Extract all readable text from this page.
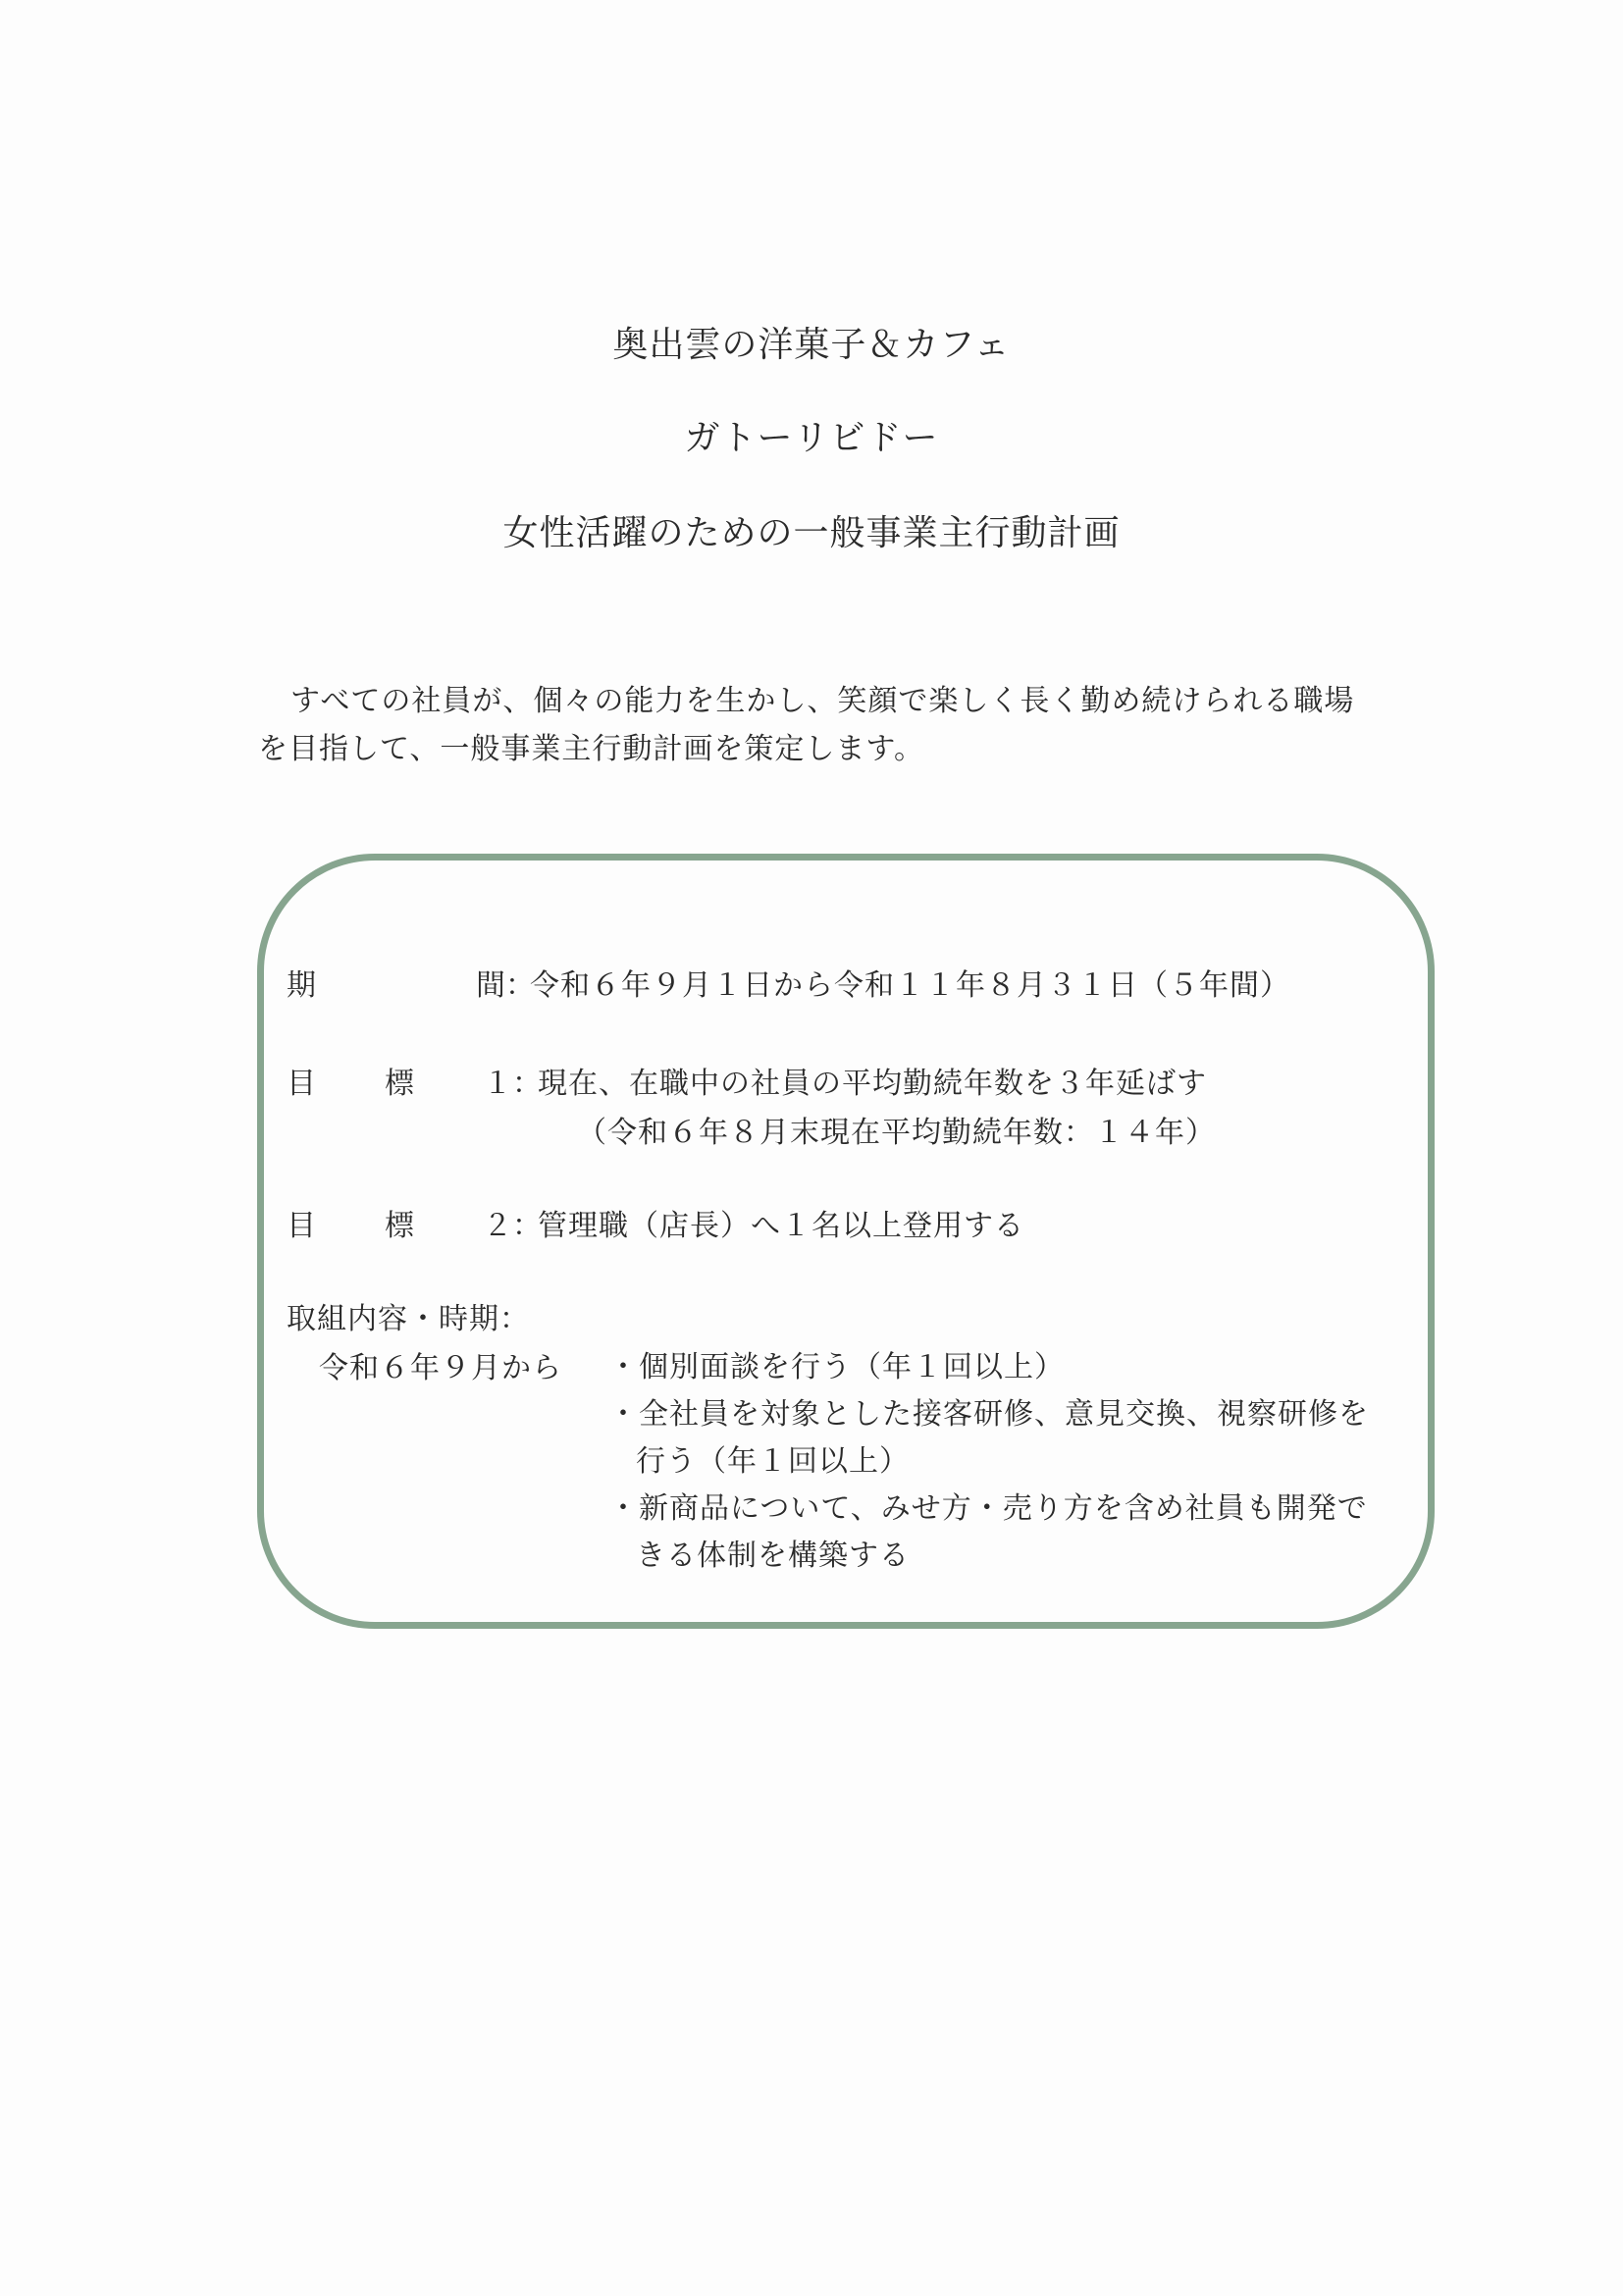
奥出雲の洋菓子＆カフェ
ガトーリビドー
女性活躍のための一般事業主行動計画
すべての社員が、個々の能力を生かし、笑顔で楽しく長く勤め続けられる職場
を目指して、一般事業主行動計画を策定します。
期	間：
令和６年９月１日から令和１１年８月３１日（５年間）
目 標 １：
現在、在職中の社員の平均勤続年数を３年延ばす
（令和６年８月末現在平均勤続年数：１４年）
目 標 ２：
管理職（店長）へ１名以上登用する
取組内容・時期：
令和６年９月から ・個別面談を行う（年１回以上）
・全社員を対象とした接客研修、意見交換、視察研修を行う（年１回以上）
・新商品について、みせ方・売り方を含め社員も開発できる体制を構築する
